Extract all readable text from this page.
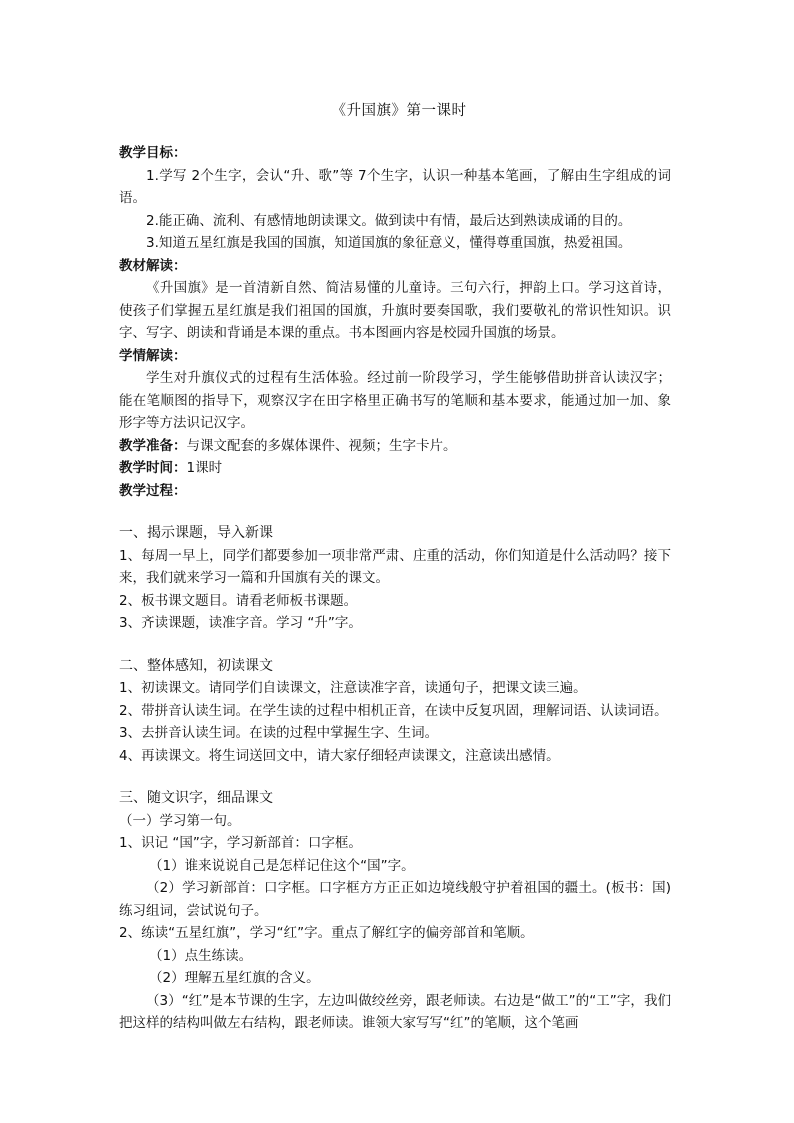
《升国旗》第一课时

教学目标：

1.学写 2个生字，会认“升、歌”等 7个生字，认识一种基本笔画，了解由生字组成的词语。

2.能正确、流利、有感情地朗读课文。做到读中有情，最后达到熟读成诵的目的。

3.知道五星红旗是我国的国旗，知道国旗的象征意义，懂得尊重国旗，热爱祖国。

教材解读：

《升国旗》是一首清新自然、简洁易懂的儿童诗。三句六行，押韵上口。学习这首诗，使孩子们掌握五星红旗是我们祖国的国旗，升旗时要奏国歌，我们要敬礼的常识性知识。识字、写字、朗读和背诵是本课的重点。书本图画内容是校园升国旗的场景。

学情解读：

学生对升旗仪式的过程有生活体验。经过前一阶段学习，学生能够借助拼音认读汉字；能在笔顺图的指导下，观察汉字在田字格里正确书写的笔顺和基本要求，能通过加一加、象形字等方法识记汉字。

教学准备：与课文配套的多媒体课件、视频；生字卡片。

教学时间：1课时

教学过程：

一、揭示课题，导入新课

1、每周一早上，同学们都要参加一项非常严肃、庄重的活动，你们知道是什么活动吗？接下来，我们就来学习一篇和升国旗有关的课文。

2、板书课文题目。请看老师板书课题。

3、齐读课题，读准字音。学习 “升”字。

二、整体感知，初读课文

1、初读课文。请同学们自读课文，注意读准字音，读通句子，把课文读三遍。

2、带拼音认读生词。在学生读的过程中相机正音，在读中反复巩固，理解词语、认读词语。

3、去拼音认读生词。在读的过程中掌握生字、生词。

4、再读课文。将生词送回文中，请大家仔细轻声读课文，注意读出感情。

三、随文识字，细品课文

（一）学习第一句。

1、识记 “国”字，学习新部首：口字框。

（1）谁来说说自己是怎样记住这个“国”字。

（2）学习新部首：口字框。口字框方方正正如边境线般守护着祖国的疆土。(板书：国)练习组词，尝试说句子。

2、练读“五星红旗”，学习“红”字。重点了解红字的偏旁部首和笔顺。

（1）点生练读。

（2）理解五星红旗的含义。

（3）“红”是本节课的生字，左边叫做绞丝旁，跟老师读。右边是“做工”的“工”字，我们把这样的结构叫做左右结构，跟老师读。谁领大家写写“红”的笔顺，这个笔画
